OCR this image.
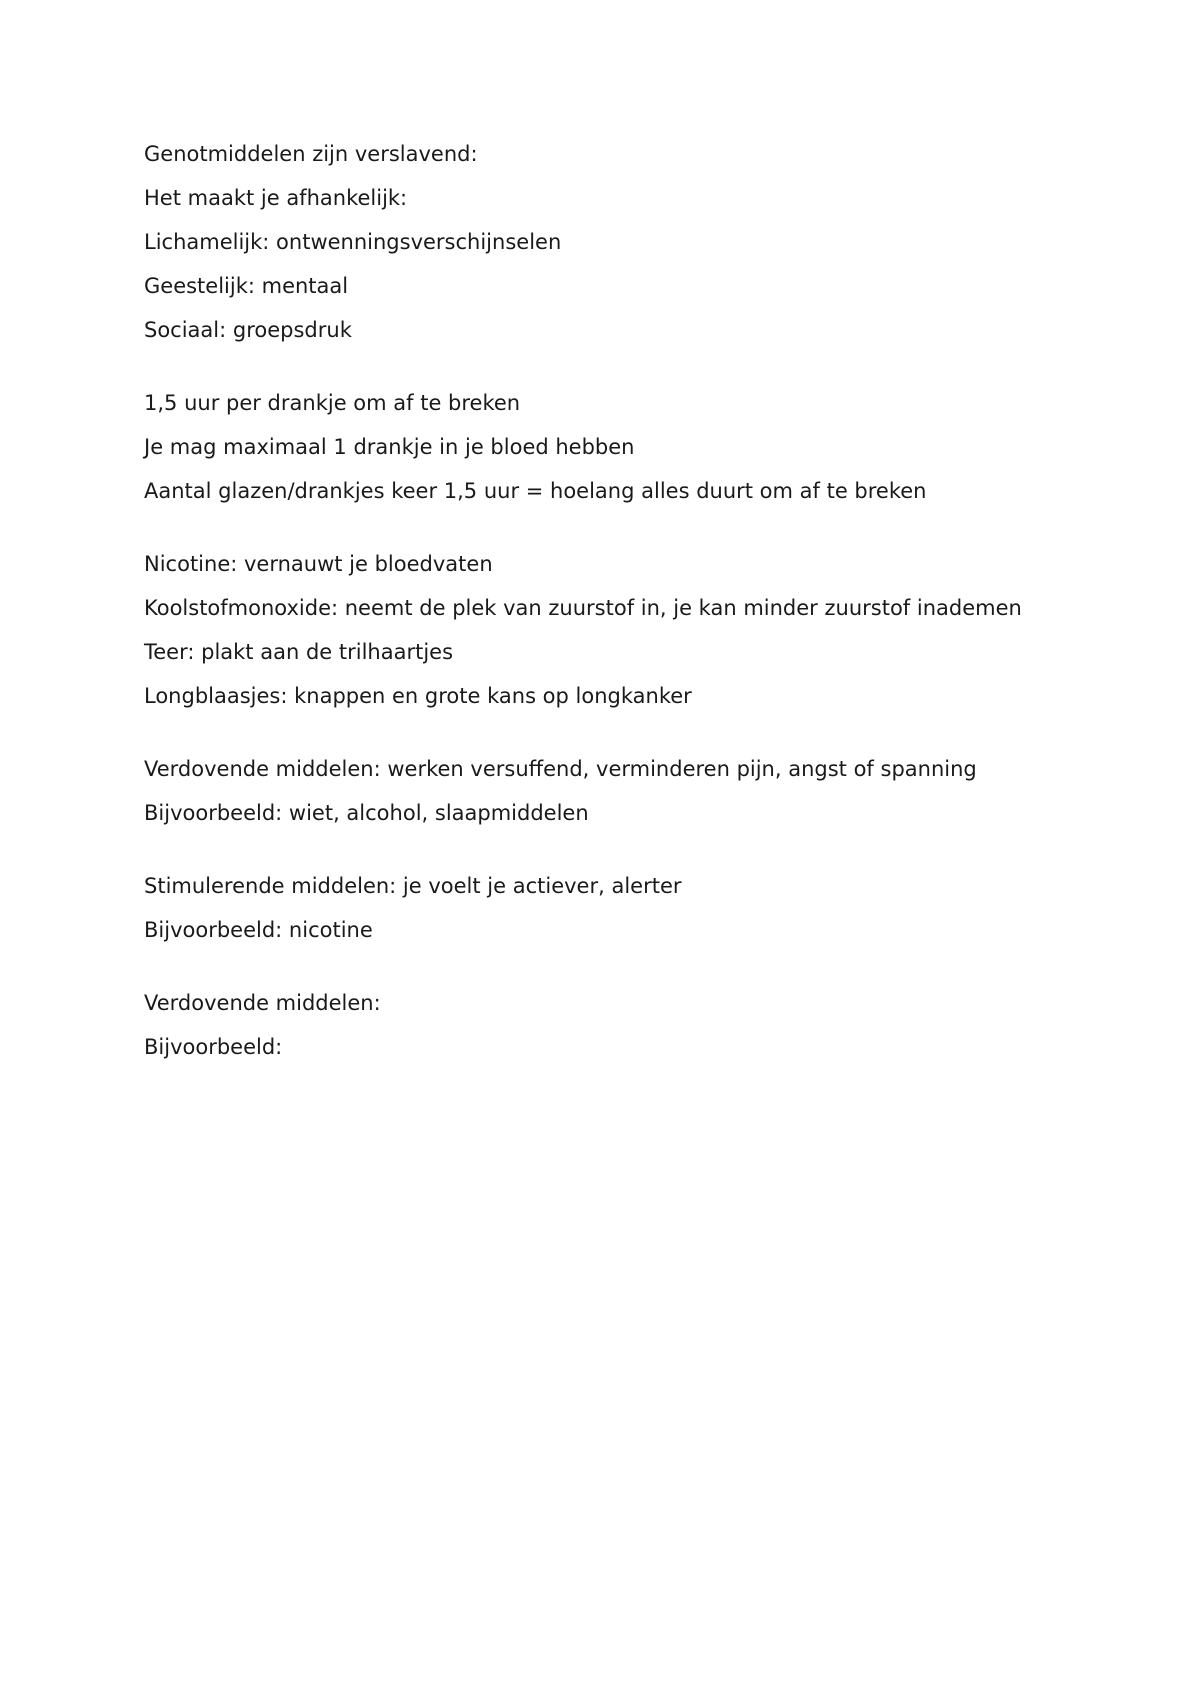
Genotmiddelen zijn verslavend:

Het maakt je afhankelijk:

Lichamelijk: ontwenningsverschijnselen

Geestelijk: mentaal

Sociaal: groepsdruk

1,5 uur per drankje om af te breken

Je mag maximaal 1 drankje in je bloed hebben

Aantal glazen/drankjes keer 1,5 uur = hoelang alles duurt om af te breken

Nicotine: vernauwt je bloedvaten

Koolstofmonoxide: neemt de plek van zuurstof in, je kan minder zuurstof inademen

Teer: plakt aan de trilhaartjes

Longblaasjes: knappen en grote kans op longkanker

Verdovende middelen: werken versuffend, verminderen pijn, angst of spanning

Bijvoorbeeld: wiet, alcohol, slaapmiddelen

Stimulerende middelen: je voelt je actiever, alerter

Bijvoorbeeld: nicotine

Verdovende middelen:

Bijvoorbeeld:
